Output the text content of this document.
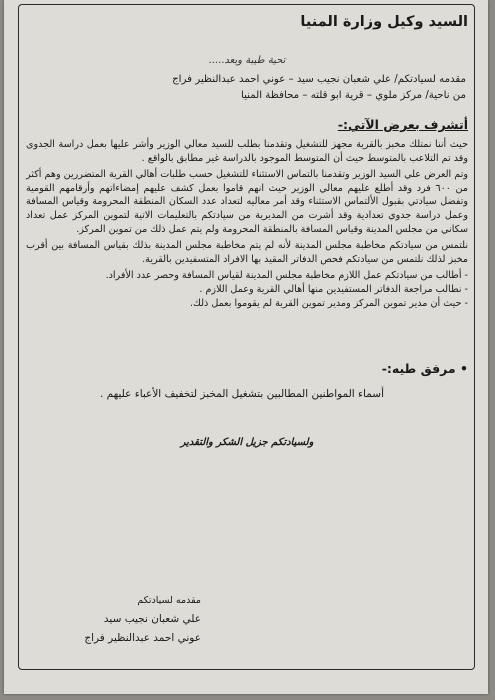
السيد وكيل وزارة المنيا
تحية طيبة وبعد.....
مقدمه لسيادتكم/ علي شعبان نجيب سيد – عوني احمد عبدالنظير فراج
من ناحية/ مركز ملوي – قرية ابو قلته – محافظة المنيا
أتشرف بعرض الآتي:-

حيث أننا نمتلك مخبز بالقرية مجهز للتشغيل وتقدمنا بطلب للسيد معالي الوزير وأشر عليها بعمل دراسة الجدوى وقد تم التلاعب بالمتوسط حيث أن المتوسط الموجود بالدراسة غير مطابق بالواقع .

وتم العرض علي السيد الوزير وتقدمنا بالتماس الاستثناء للتشغيل حسب طلبات أهالي القرية المتضررين وهم أكثر من ٦٠٠ فرد وقد أطلع عليهم معالي الوزير حيث انهم قاموا بعمل كشف عليهم إمضاءاتهم وأرقامهم القومية وتفضل سيادتي بقبول الألتماس الاستثناء وقد أمر معاليه لتعداد عدد السكان المنطقة المحرومة وقياس المسافة وعمل دراسة جدوي تعدادية وقد أشرت من المديرية من سيادتكم بالتعليمات الاتية لتموين المركز عمل تعداد سكاني من مجلس المدينة وقياس المسافة بالمنطقة المحرومة ولم يتم عمل ذلك من تموين المركز.

نلتمس من سيادتكم مخاطبة مجلس المدينة لأنه لم يتم مخاطبة مجلس المدينة بذلك بقياس المسافة بين أقرب مخبز لذلك نلتمس من سيادتكم فحص الدفاتر المقيد بها الافراد المتسفيدين بالقرية.

- أطالب من سيادتكم عمل اللازم مخاطبة مجلس المدينة لقياس المسافة وحصر عدد الأفراد.

- نطالب مراجعة الدفاتر المستفيدين منها أهالي القرية وعمل اللازم .

- حيث أن مدير تموين المركز ومدير تموين القرية لم يقوموا بعمل ذلك.

• مرفق طيه:-
أسماء المواطنين المطالبين بتشغيل المخبز لتخفيف الأعباء عليهم .
ولسيادتكم جزيل الشكر والتقدير
مقدمه لسيادتكم
علي شعبان نجيب سيد
عوني احمد عبدالنظير فراج
